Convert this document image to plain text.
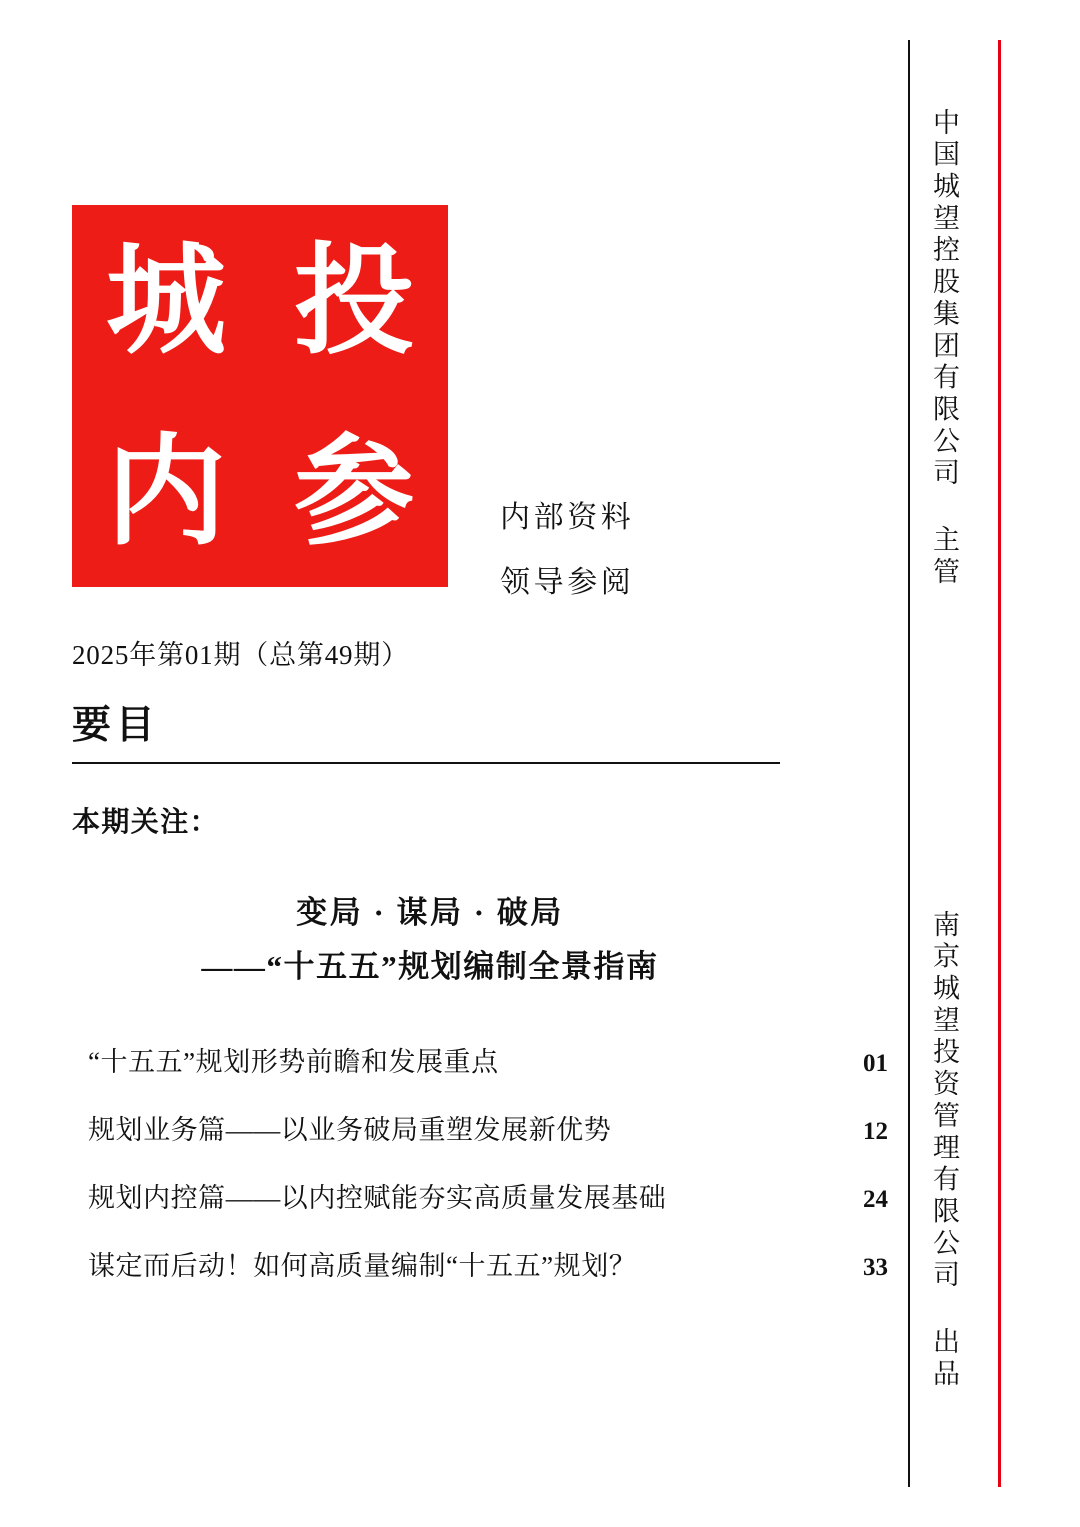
中国城望控股集团有限公司 主管
南京城望投资管理有限公司 出品
城 投
内 参	内部资料
领导参阅
2025年第01期（总第49期）
要目
本期关注：
变局 · 谋局 · 破局
——“十五五”规划编制全景指南
“十五五”规划形势前瞻和发展重点	01
规划业务篇——以业务破局重塑发展新优势	12
规划内控篇——以内控赋能夯实高质量发展基础	24
谋定而后动！如何高质量编制“十五五”规划？	33
